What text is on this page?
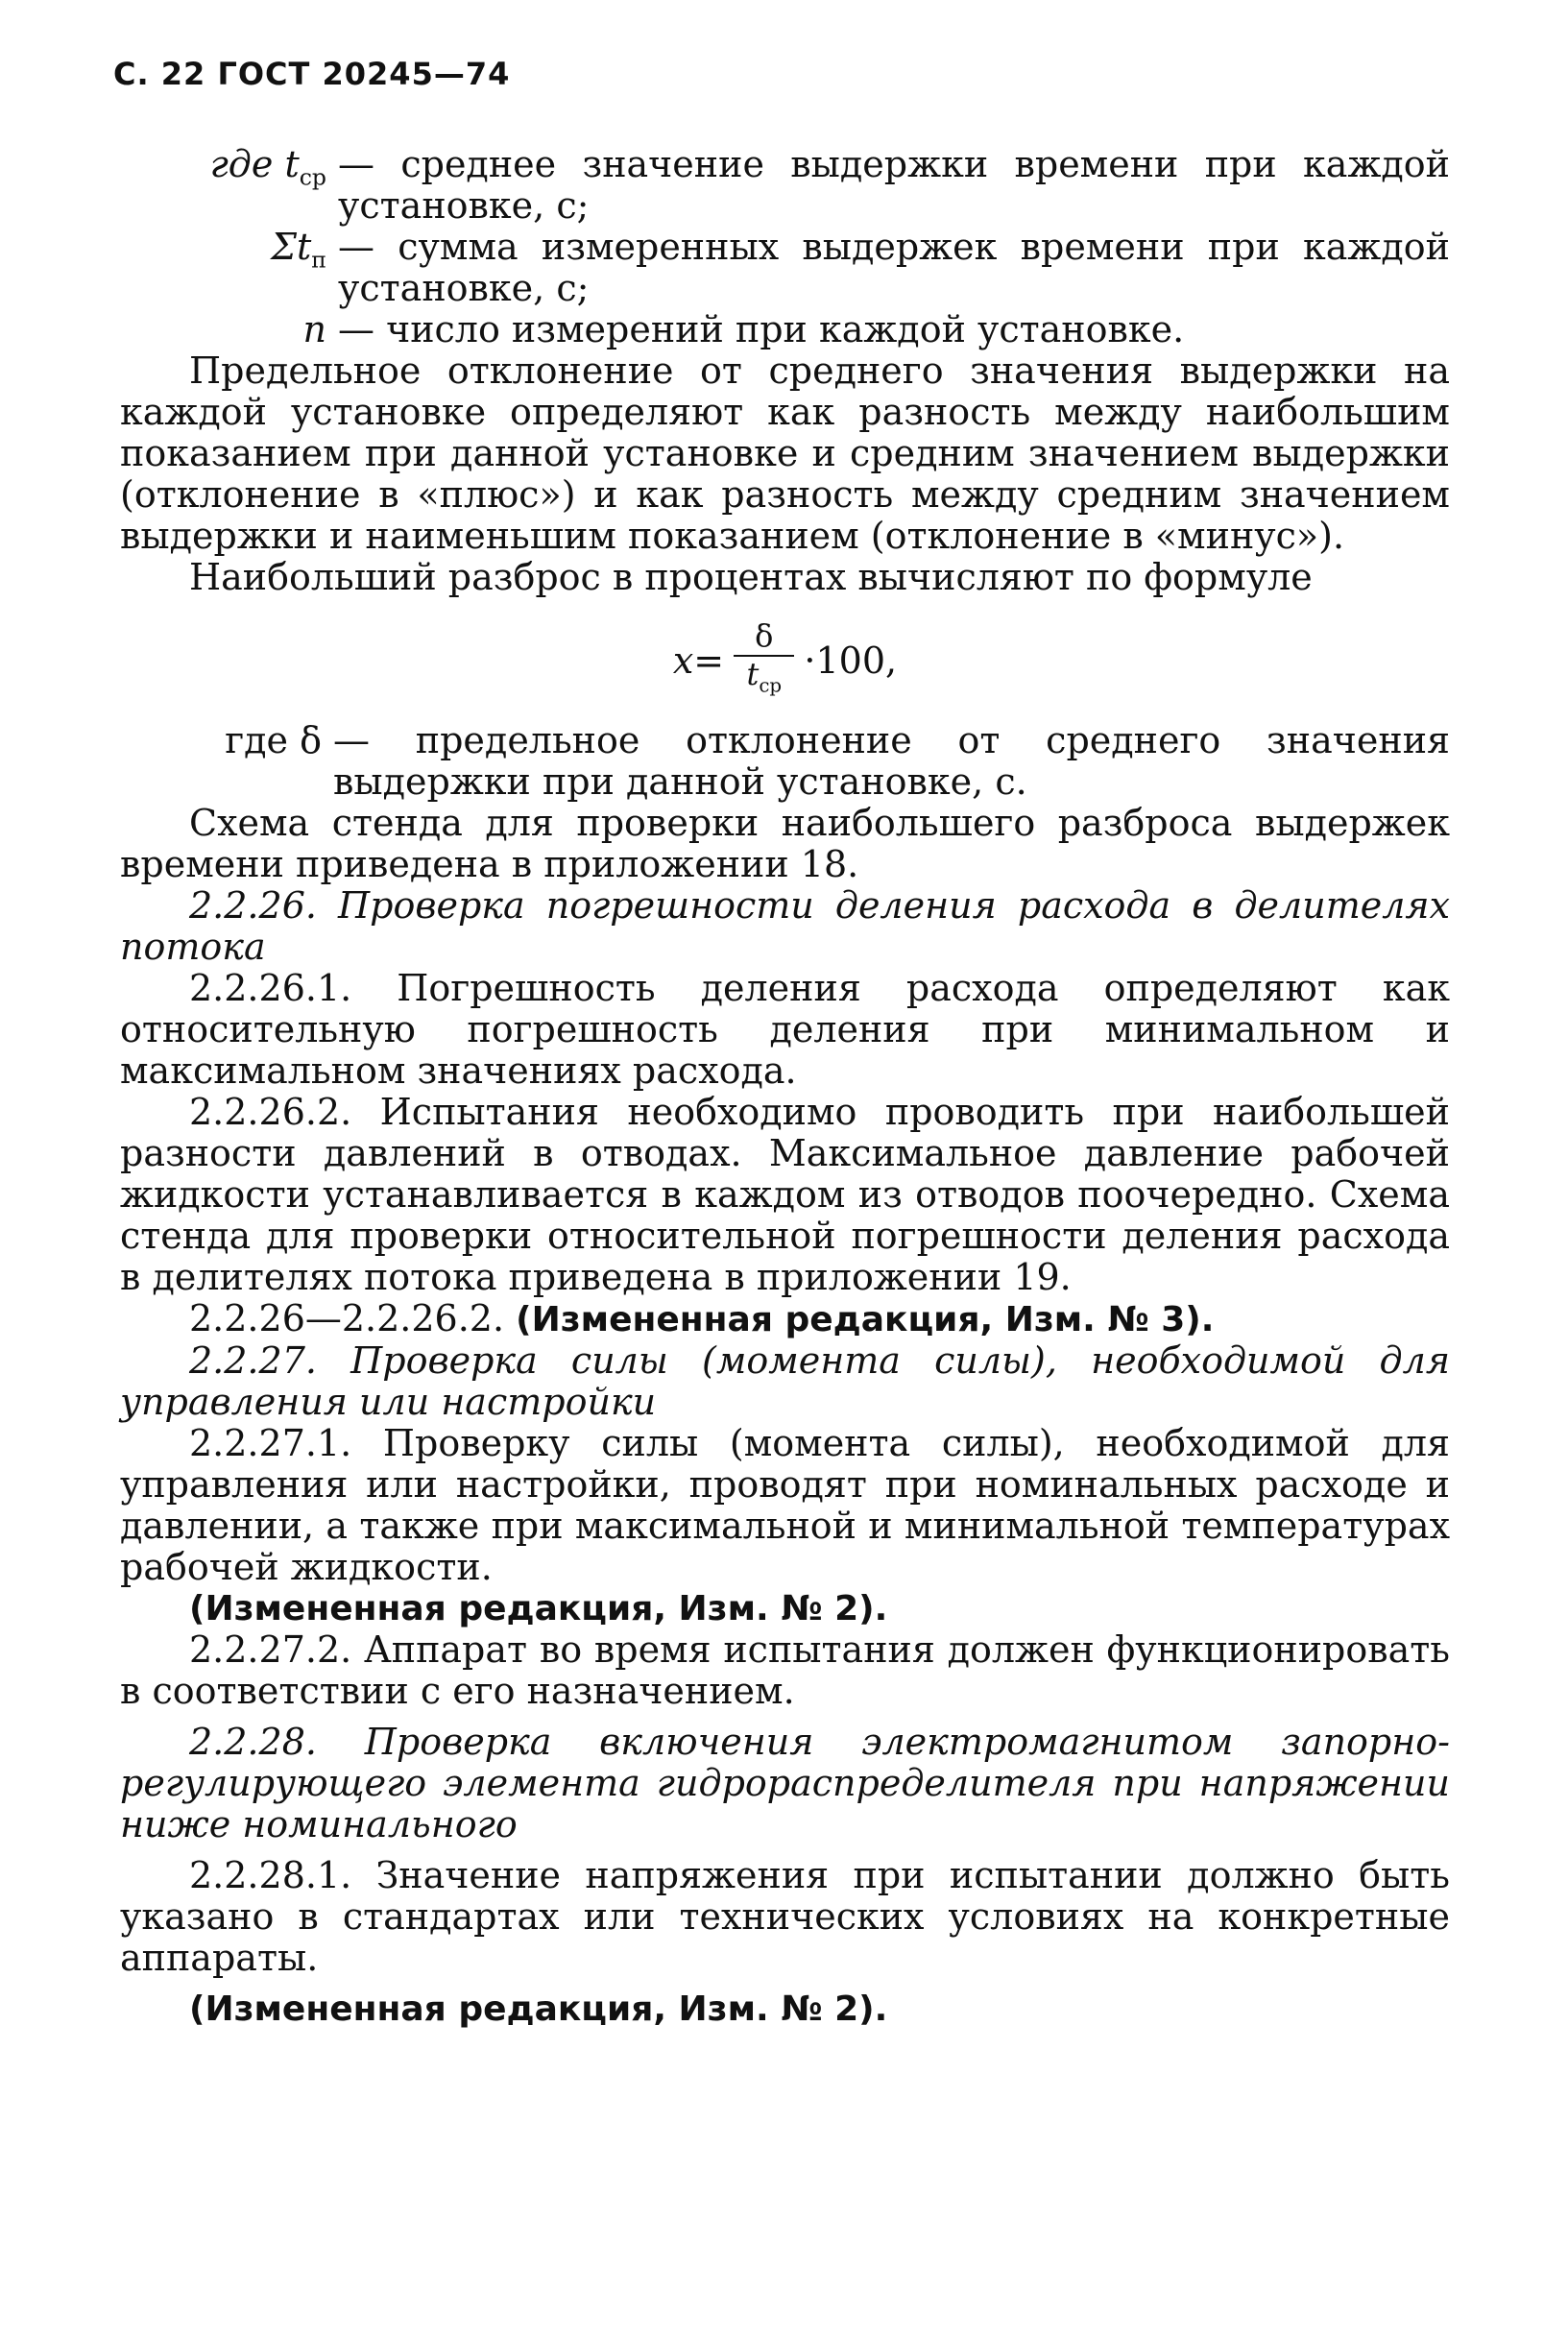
С. 22 ГОСТ 20245—74
где $t_{ср}$ — среднее значение выдержки времени при каждой установке, с;
$\Sigma t_п$ — сумма измеренных выдержек времени при каждой установке, с;
n — число измерений при каждой установке.

Предельное отклонение от среднего значения выдержки на каждой установке определяют как разность между наибольшим показанием при данной установке и средним значением выдержки (отклонение в «плюс») и как разность между средним значением выдержки и наименьшим показанием (отклонение в «минус»).

Наибольший разброс в процентах вычисляют по формуле

$x= \frac{\delta}{t_{ср}} \cdot 100$,
где δ — предельное отклонение от среднего значения выдержки при данной установке, с.

Схема стенда для проверки наибольшего разброса выдержек времени приведена в приложении 18.

2.2.26. Проверка погрешности деления расхода в делителях потока

2.2.26.1. Погрешность деления расхода определяют как относительную погрешность деления при минимальном и максимальном значениях расхода.

2.2.26.2. Испытания необходимо проводить при наибольшей разности давлений в отводах. Максимальное давление рабочей жидкости устанавливается в каждом из отводов поочередно. Схема стенда для проверки относительной погрешности деления расхода в делителях потока приведена в приложении 19.

2.2.26—2.2.26.2. (Измененная редакция, Изм. № 3).

2.2.27. Проверка силы (момента силы), необходимой для управления или настройки

2.2.27.1. Проверку силы (момента силы), необходимой для управления или настройки, проводят при номинальных расходе и давлении, а также при максимальной и минимальной температурах рабочей жидкости.

(Измененная редакция, Изм. № 2).

2.2.27.2. Аппарат во время испытания должен функционировать в соответствии с его назначением.

2.2.28. Проверка включения электромагнитом запорно-регулирующего элемента гидрораспределителя при напряжении ниже номинального

2.2.28.1. Значение напряжения при испытании должно быть указано в стандартах или технических условиях на конкретные аппараты.

(Измененная редакция, Изм. № 2).
